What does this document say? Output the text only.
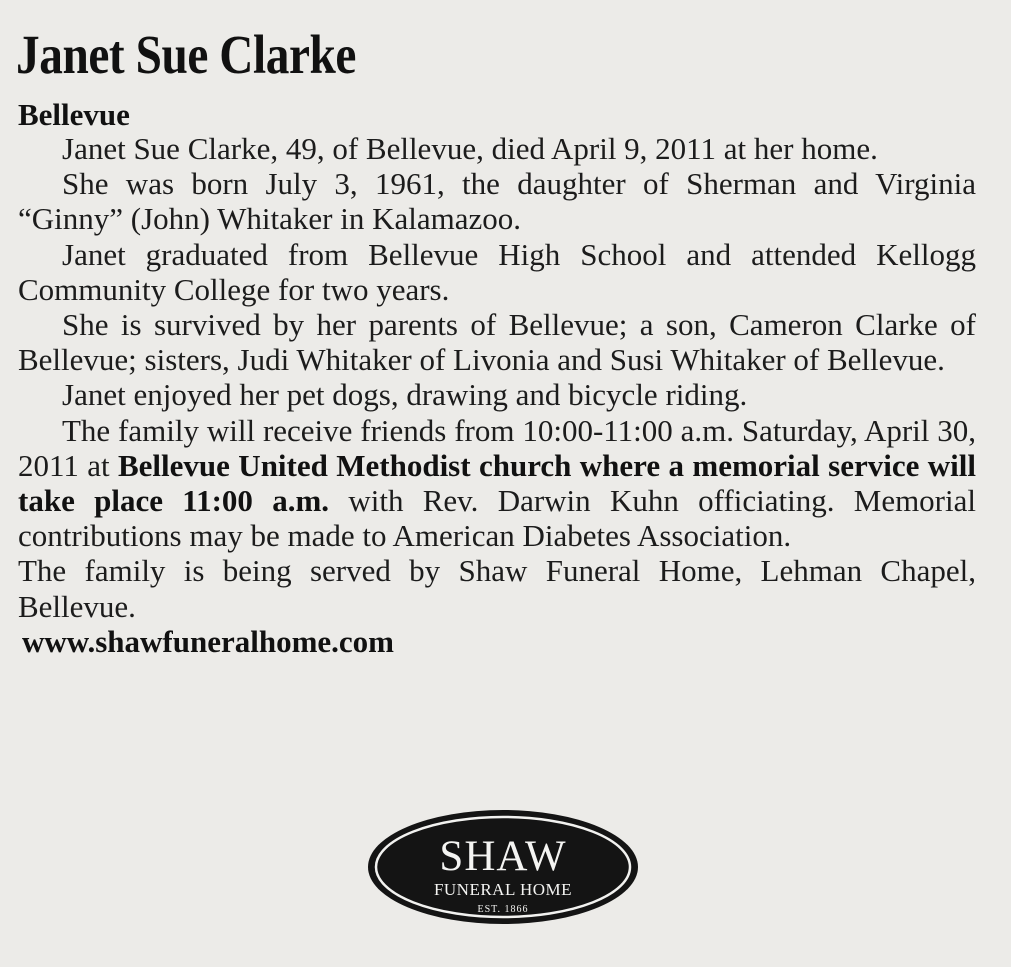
Janet Sue Clarke
Bellevue

Janet Sue Clarke, 49, of Bellevue, died April 9, 2011 at her home.

She was born July 3, 1961, the daughter of Sherman and Virginia “Ginny” (John) Whitaker in Kalamazoo.

Janet graduated from Bellevue High School and attended Kellogg Community College for two years.

She is survived by her parents of Bellevue; a son, Cameron Clarke of Bellevue; sisters, Judi Whitaker of Livonia and Susi Whitaker of Bellevue.

Janet enjoyed her pet dogs, drawing and bicycle riding.

The family will receive friends from 10:00-11:00 a.m. Saturday, April 30, 2011 at Bellevue United Methodist church where a memorial service will take place 11:00 a.m. with Rev. Darwin Kuhn officiating. Memorial contributions may be made to American Diabetes Association.

The family is being served by Shaw Funeral Home, Lehman Chapel, Bellevue.

www.shawfuneralhome.com
SHAW
FUNERAL HOME
EST. 1866
